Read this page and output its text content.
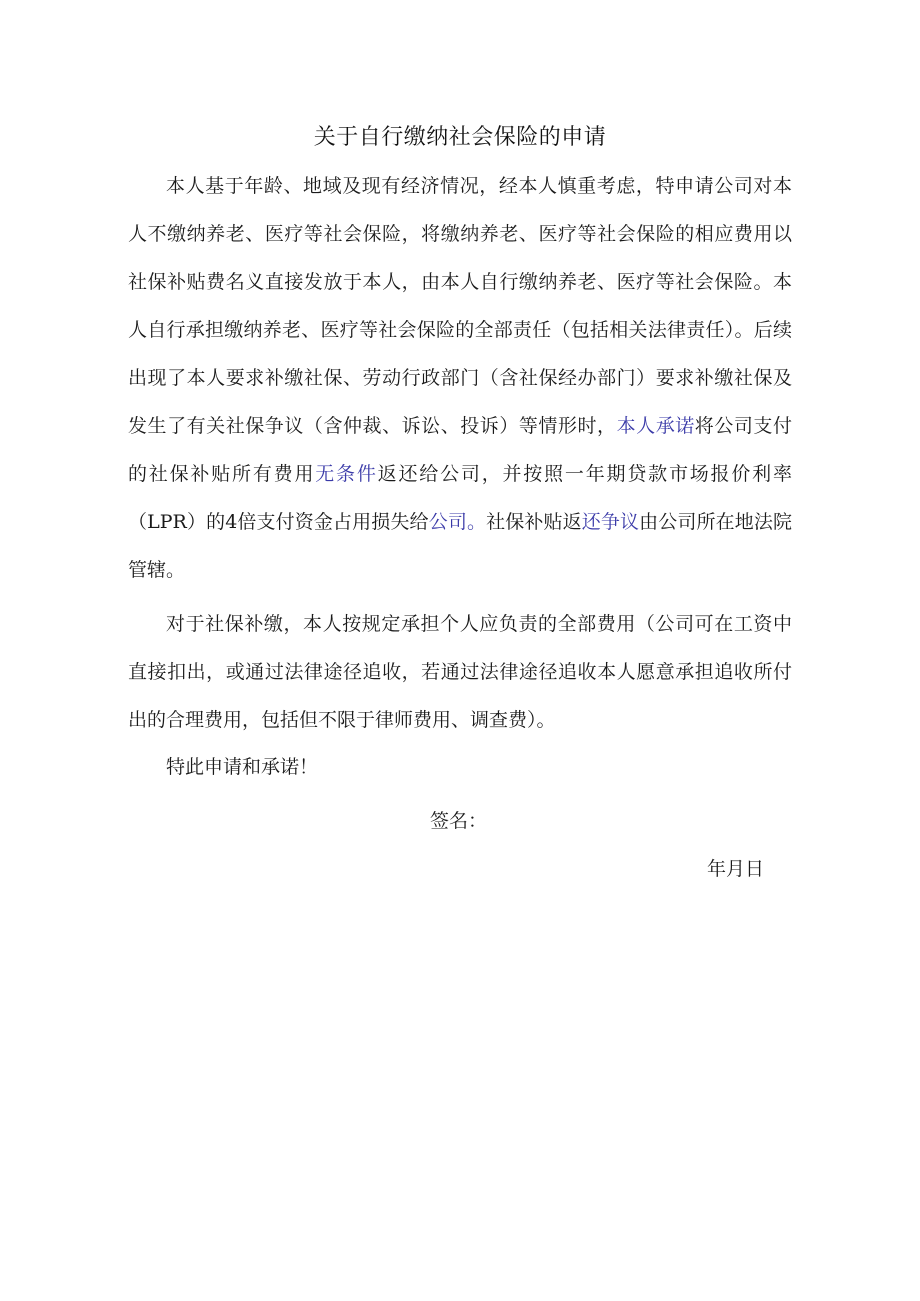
关于自行缴纳社会保险的申请

本人基于年龄、地域及现有经济情况，经本人慎重考虑，特申请公司对本人不缴纳养老、医疗等社会保险，将缴纳养老、医疗等社会保险的相应费用以社保补贴费名义直接发放于本人，由本人自行缴纳养老、医疗等社会保险。本人自行承担缴纳养老、医疗等社会保险的全部责任（包括相关法律责任）。后续出现了本人要求补缴社保、劳动行政部门（含社保经办部门）要求补缴社保及发生了有关社保争议（含仲裁、诉讼、投诉）等情形时，本人承诺将公司支付的社保补贴所有费用无条件返还给公司，并按照一年期贷款市场报价利率（LPR）的4倍支付资金占用损失给公司。社保补贴返还争议由公司所在地法院管辖。

对于社保补缴，本人按规定承担个人应负责的全部费用（公司可在工资中直接扣出，或通过法律途径追收，若通过法律途径追收本人愿意承担追收所付出的合理费用，包括但不限于律师费用、调查费）。

特此申请和承诺！

签名：

年月日
